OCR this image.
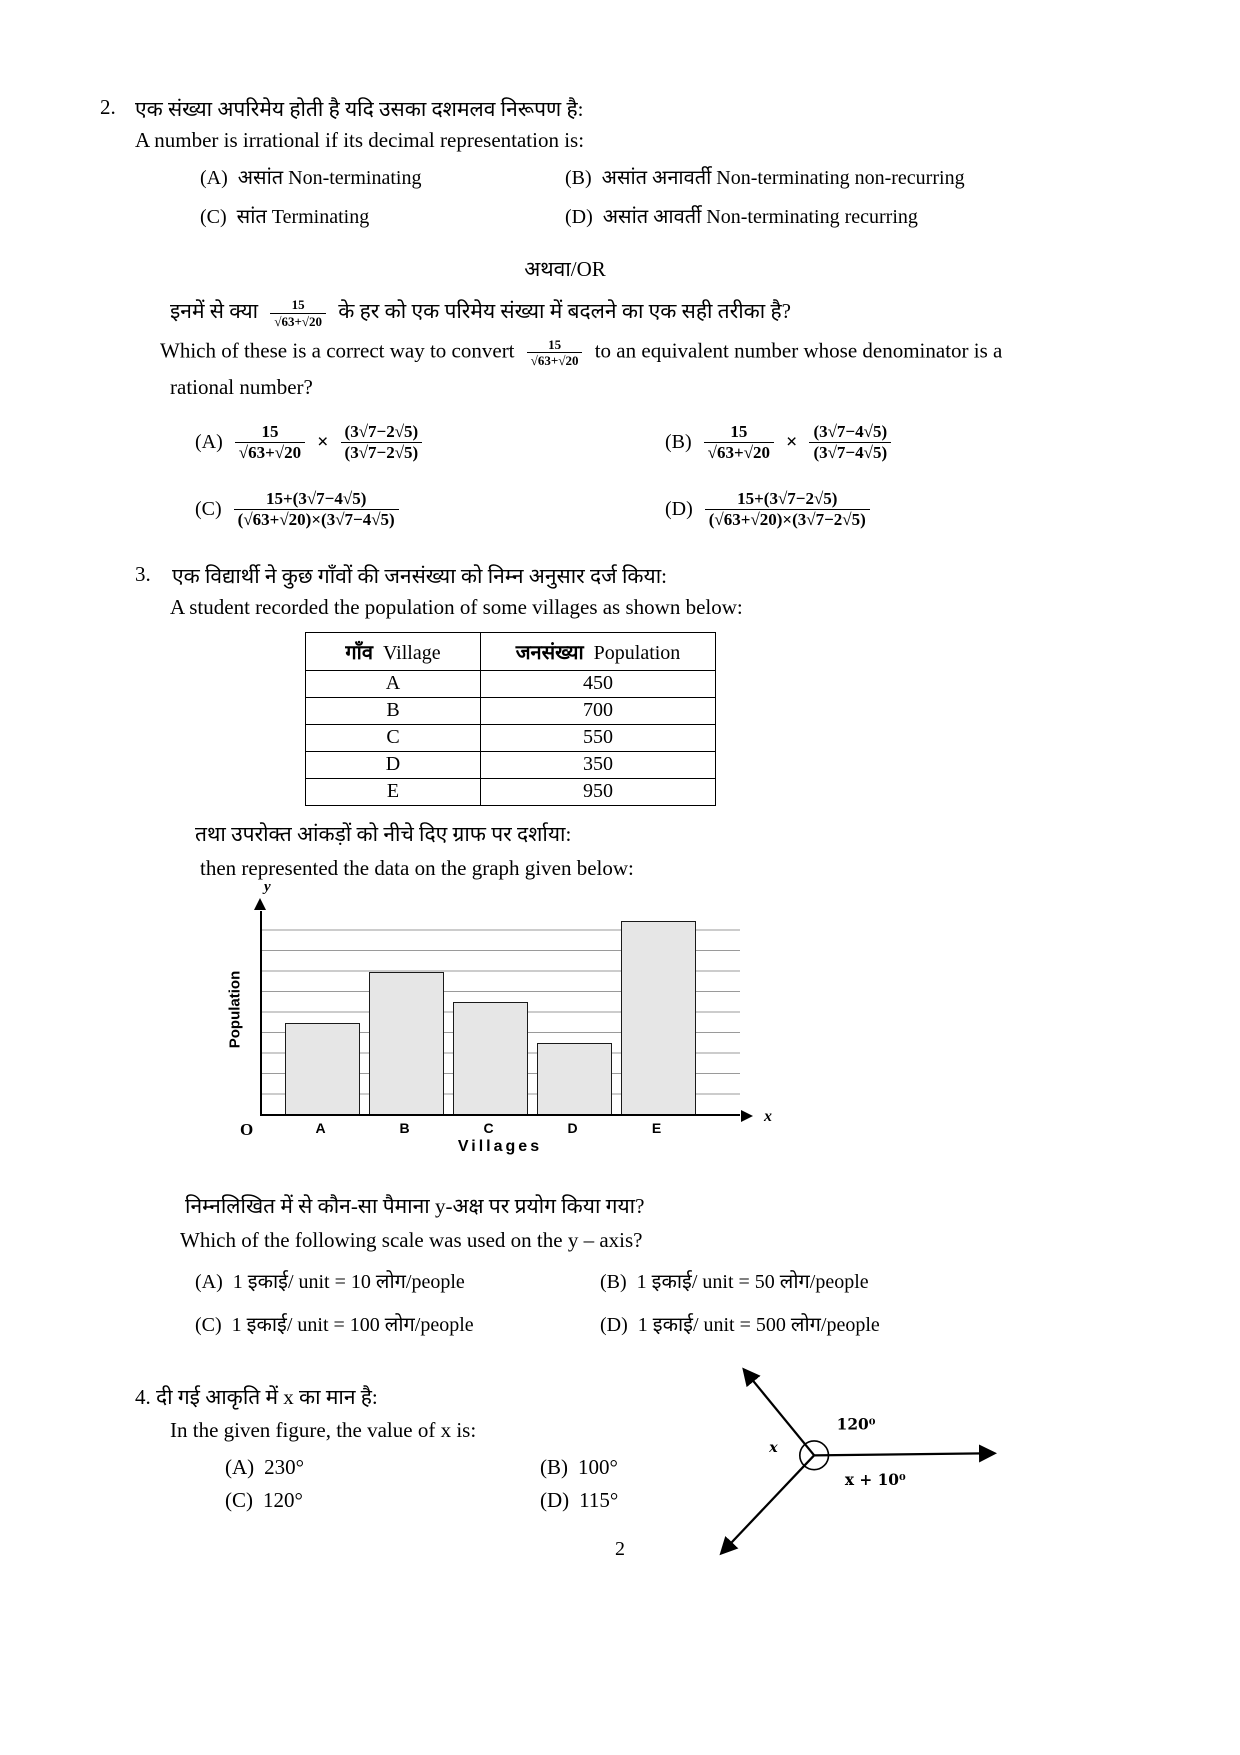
2. एक संख्या अपरिमेय होती है यदि उसका दशमलव निरूपण है:
A number is irrational if its decimal representation is:
(A) असांत Non-terminating	(B) असांत अनावर्ती Non-terminating non-recurring
(C) सांत Terminating	(D) असांत आवर्ती Non-terminating recurring
अथवा/OR
इनमें से क्या $\frac{15}{√63+√20}$ के हर को एक परिमेय संख्या में बदलने का एक सही तरीका है?
Which of these is a correct way to convert $\frac{15}{√63+√20}$ to an equivalent number whose denominator is a
rational number?
$(A) \frac{15}{√63+√20} \times \frac{(3√7-2√5)}{(3√7-2√5)}$	$(B) \frac{15}{√63+√20} \times \frac{(3√7-4√5)}{(3√7-4√5)}$
$(C) \frac{15+(3√7-4√5)}{(√63+√20)\times(3√7-4√5)}$	$(D) \frac{15+(3√7-2√5)}{(√63+√20)\times(3√7-2√5)}$
3.	एक विद्यार्थी ने कुछ गाँवों की जनसंख्या को निम्न अनुसार दर्ज किया:
A student recorded the population of some villages as shown below:
गाँव Village	जनसंख्या Population
A	450
B	700
C	550
D	350
E	950
तथा उपरोक्त आंकड़ों को नीचे दिए ग्राफ पर दर्शाया:
then represented the data on the graph given below:
Population
O
y
x
A	B	C	D	E
Villages
निम्नलिखित में से कौन-सा पैमाना y-अक्ष पर प्रयोग किया गया?
Which of the following scale was used on the y – axis?
(A) 1 इकाई/ unit = 10 लोग/people	(B) 1 इकाई/ unit = 50 लोग/people
(C) 1 इकाई/ unit = 100 लोग/people	(D) 1 इकाई/ unit = 500 लोग/people
4. दी गई आकृति में x का मान है:
In the given figure, the value of x is:
(A) 230°	(B) 100°
(C) 120°	(D) 115°
120⁰
x
x + 10⁰
2
